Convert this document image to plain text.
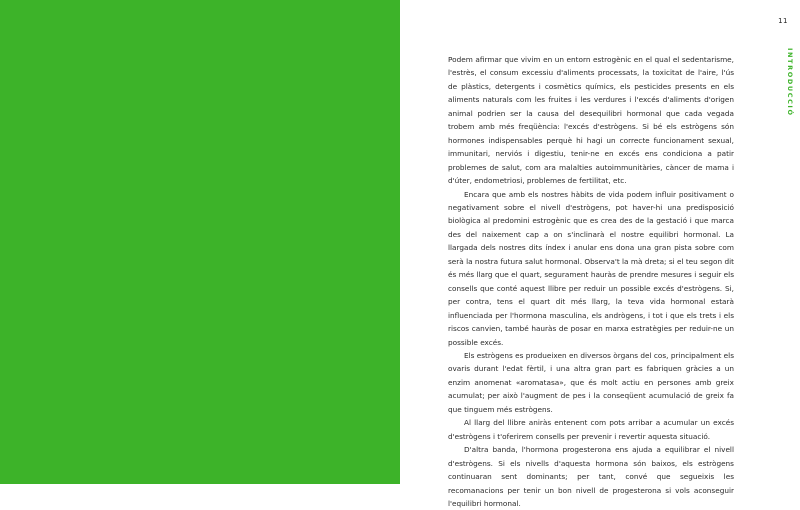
11
INTRODUCCIÓ

Podem afirmar que vivim en un entorn estrogènic en el qual el sedentarisme, l'estrès, el consum excessiu d'aliments processats, la toxicitat de l'aire, l'ús de plàstics, detergents i cosmètics químics, els pesticides presents en els aliments naturals com les fruites i les verdures i l'excés d'aliments d'origen animal podrien ser la causa del desequilibri hormonal que cada vegada trobem amb més freqüència: l'excés d'estrògens. Si bé els estrògens són hormones indispensables perquè hi hagi un correcte funcionament sexual, immunitari, nerviós i digestiu, tenir-ne en excés ens condiciona a patir problemes de salut, com ara malalties autoimmunitàries, càncer de mama i d'úter, endometriosi, problemes de fertilitat, etc.

Encara que amb els nostres hàbits de vida podem influir positivament o negativament sobre el nivell d'estrògens, pot haver-hi una predisposició biològica al predomini estrogènic que es crea des de la gestació i que marca des del naixement cap a on s'inclinarà el nostre equilibri hormonal. La llargada dels nostres dits índex i anular ens dona una gran pista sobre com serà la nostra futura salut hormonal. Observa't la mà dreta; si el teu segon dit és més llarg que el quart, segurament hauràs de prendre mesures i seguir els consells que conté aquest llibre per reduir un possible excés d'estrògens. Si, per contra, tens el quart dit més llarg, la teva vida hormonal estarà influenciada per l'hormona masculina, els andrògens, i tot i que els trets i els riscos canvien, també hauràs de posar en marxa estratègies per reduir-ne un possible excés.

Els estrògens es produeixen en diversos òrgans del cos, principalment els ovaris durant l'edat fèrtil, i una altra gran part es fabriquen gràcies a un enzim anomenat «aromatasa», que és molt actiu en persones amb greix acumulat; per això l'augment de pes i la conseqüent acumulació de greix fa que tinguem més estrògens.

Al llarg del llibre aniràs entenent com pots arribar a acumular un excés d'estrògens i t'oferirem consells per prevenir i revertir aquesta situació.

D'altra banda, l'hormona progesterona ens ajuda a equilibrar el nivell d'estrògens. Si els nivells d'aquesta hormona són baixos, els estrògens continuaran sent dominants; per tant, convé que segueixis les recomanacions per tenir un bon nivell de progesterona si vols aconseguir l'equilibri hormonal.
